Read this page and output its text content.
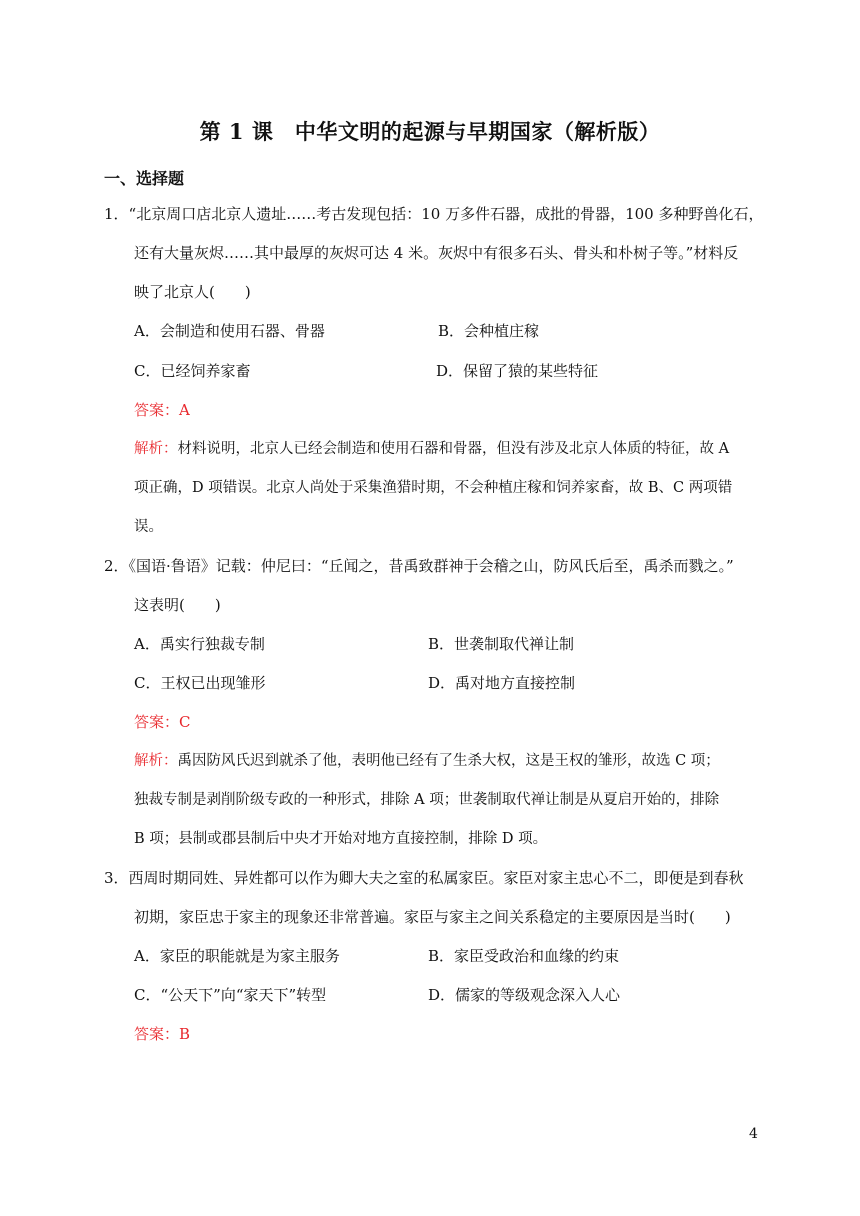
第 1 课　中华文明的起源与早期国家（解析版）
一、选择题
1．“北京周口店北京人遗址……考古发现包括：10 万多件石器，成批的骨器，100 多种野兽化石，
还有大量灰烬……其中最厚的灰烬可达 4 米。灰烬中有很多石头、骨头和朴树子等。”材料反
映了北京人(　　)
A．会制造和使用石器、骨器	B．会种植庄稼
C．已经饲养家畜	D．保留了猿的某些特征
答案：A
解析：材料说明，北京人已经会制造和使用石器和骨器，但没有涉及北京人体质的特征，故 A
项正确，D 项错误。北京人尚处于采集渔猎时期，不会种植庄稼和饲养家畜，故 B、C 两项错
误。
2．《国语·鲁语》记载：仲尼曰：“丘闻之，昔禹致群神于会稽之山，防风氏后至，禹杀而戮之。”
这表明(　　)
A．禹实行独裁专制	B．世袭制取代禅让制
C．王权已出现雏形	D．禹对地方直接控制
答案：C
解析：禹因防风氏迟到就杀了他，表明他已经有了生杀大权，这是王权的雏形，故选 C 项；
独裁专制是剥削阶级专政的一种形式，排除 A 项；世袭制取代禅让制是从夏启开始的，排除
B 项；县制或郡县制后中央才开始对地方直接控制，排除 D 项。
3．西周时期同姓、异姓都可以作为卿大夫之室的私属家臣。家臣对家主忠心不二，即便是到春秋
初期，家臣忠于家主的现象还非常普遍。家臣与家主之间关系稳定的主要原因是当时(　　)
A．家臣的职能就是为家主服务	B．家臣受政治和血缘的约束
C．“公天下”向“家天下”转型	D．儒家的等级观念深入人心
答案：B
4
